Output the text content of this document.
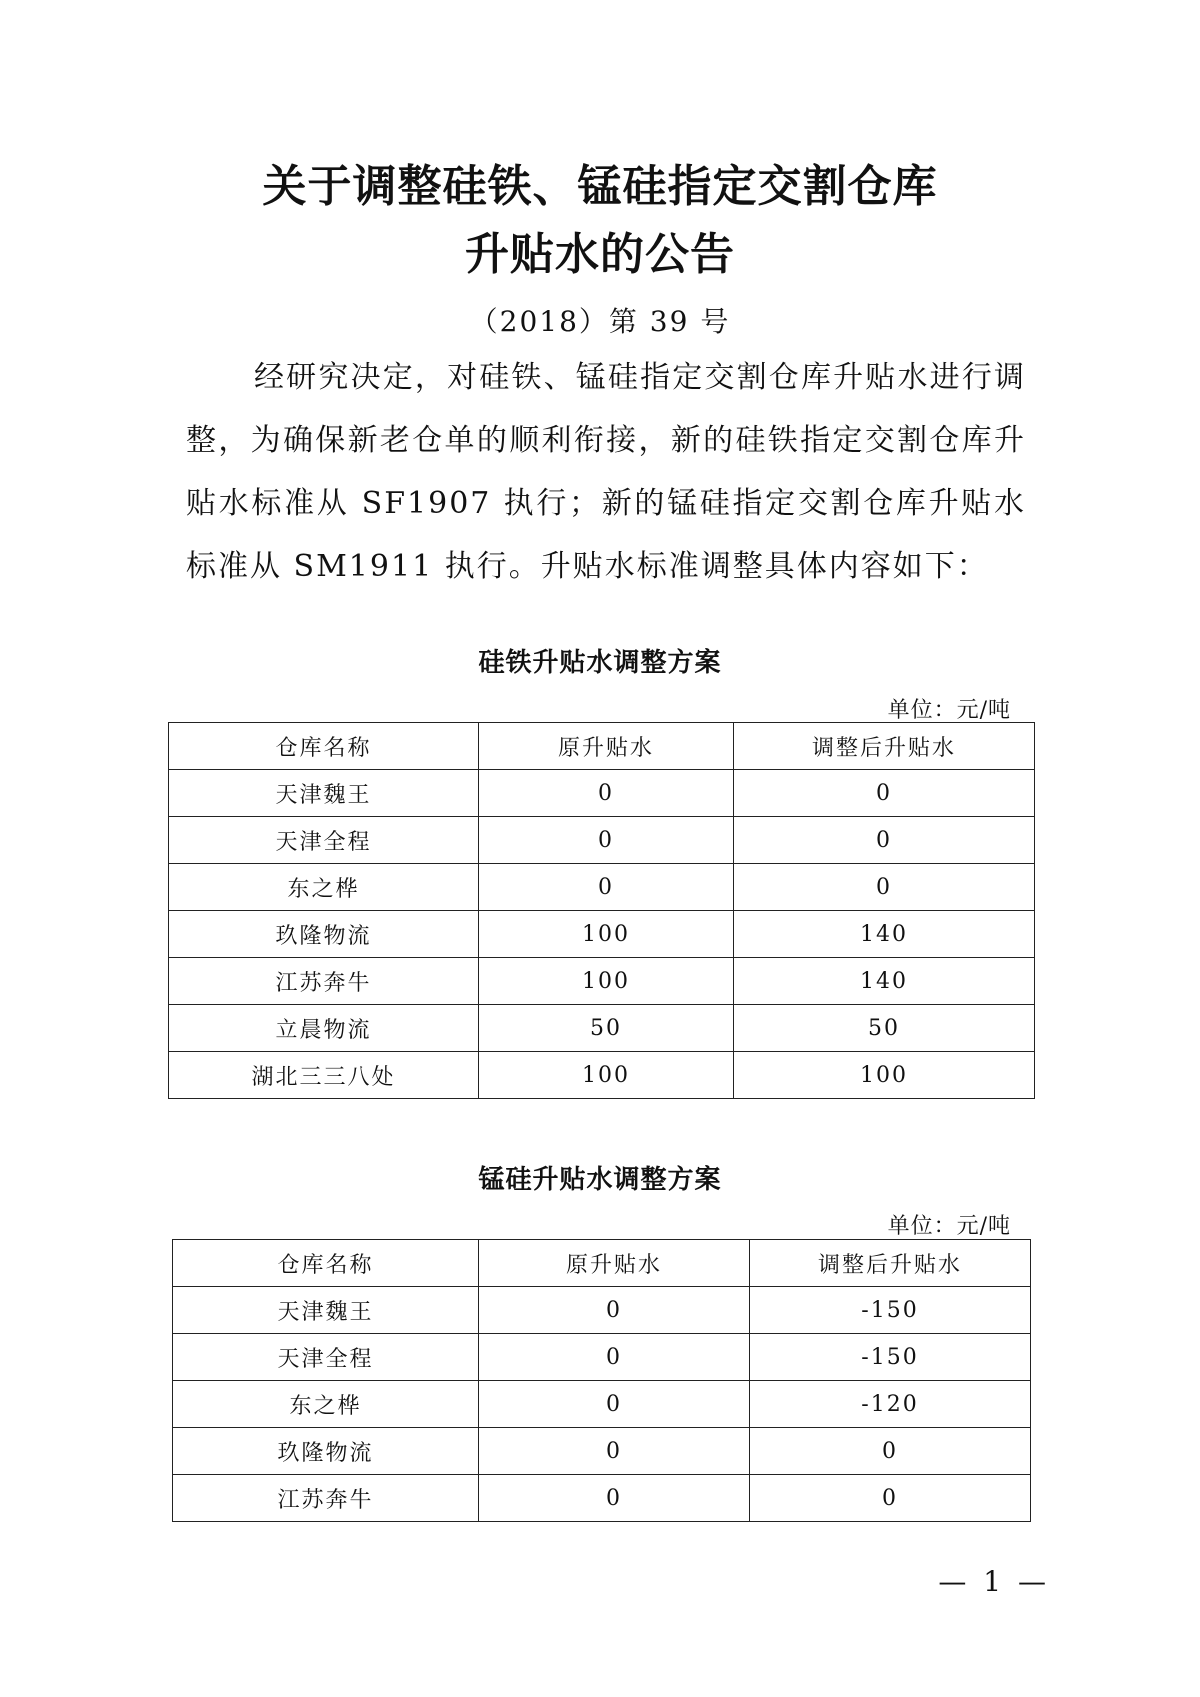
关于调整硅铁、锰硅指定交割仓库
升贴水的公告
（2018）第 39 号

经研究决定，对硅铁、锰硅指定交割仓库升贴水进行调整，为确保新老仓单的顺利衔接，新的硅铁指定交割仓库升贴水标准从 SF1907 执行；新的锰硅指定交割仓库升贴水标准从 SM1911 执行。升贴水标准调整具体内容如下：

硅铁升贴水调整方案
单位：元/吨
仓库名称	原升贴水	调整后升贴水
天津魏王	0	0
天津全程	0	0
东之桦	0	0
玖隆物流	100	140
江苏奔牛	100	140
立晨物流	50	50
湖北三三八处	100	100
锰硅升贴水调整方案
单位：元/吨
仓库名称	原升贴水	调整后升贴水
天津魏王	0	-150
天津全程	0	-150
东之桦	0	-120
玖隆物流	0	0
江苏奔牛	0	0
— 1 —
